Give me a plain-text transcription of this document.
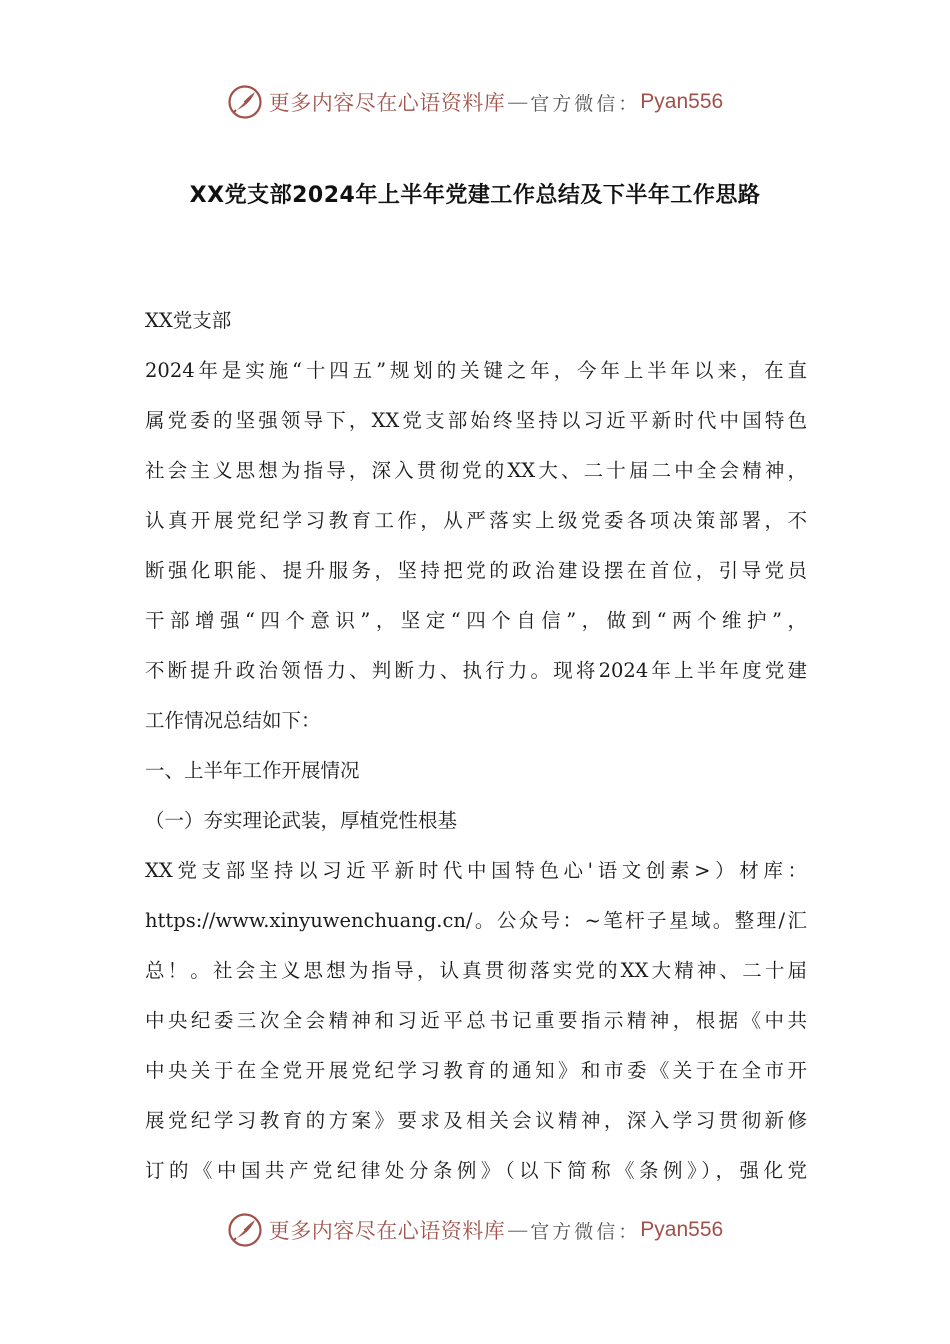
更多内容尽在心语资料库 — 官方微信： Pyan556
XX党支部2024年上半年党建工作总结及下半年工作思路
XX党支部
2024年是实施“十四五”规划的关键之年，今年上半年以来，在直
属党委的坚强领导下，XX党支部始终坚持以习近平新时代中国特色
社会主义思想为指导，深入贯彻党的XX大、二十届二中全会精神，
认真开展党纪学习教育工作，从严落实上级党委各项决策部署，不
断强化职能、提升服务，坚持把党的政治建设摆在首位，引导党员
干部增强“四个意识”，坚定“四个自信”，做到“两个维护”，
不断提升政治领悟力、判断力、执行力。现将2024年上半年度党建
工作情况总结如下：
一、上半年工作开展情况
（一）夯实理论武装，厚植党性根基
XX党支部坚持以习近平新时代中国特色心'语文创素>）材库：
https://www.xinyuwenchuang.cn/。公众号：~笔杆子星域。整理/汇
总！。社会主义思想为指导，认真贯彻落实党的XX大精神、二十届
中央纪委三次全会精神和习近平总书记重要指示精神，根据《中共
中央关于在全党开展党纪学习教育的通知》和市委《关于在全市开
展党纪学习教育的方案》要求及相关会议精神，深入学习贯彻新修
订的《中国共产党纪律处分条例》（以下简称《条例》），强化党
更多内容尽在心语资料库 — 官方微信： Pyan556
